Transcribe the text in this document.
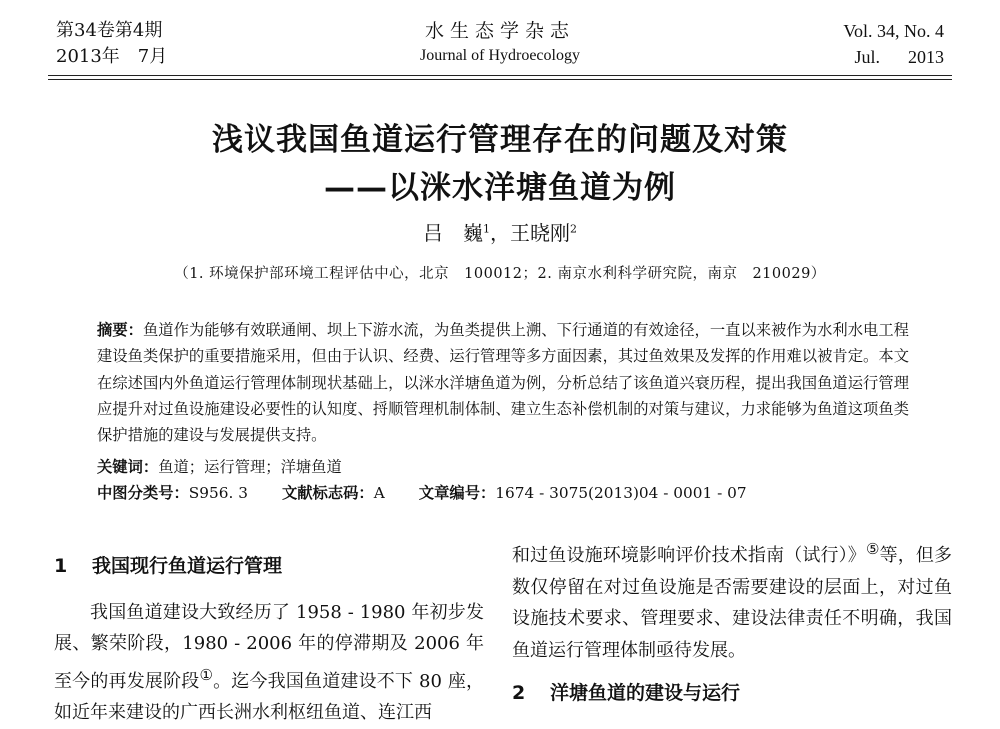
第34卷第4期
2013年　7月
水生态学杂志
Journal of Hydroecology
Vol. 34, No. 4
Jul. 2013
浅议我国鱼道运行管理存在的问题及对策
——以洣水洋塘鱼道为例
吕　巍$^1$，王晓刚$^2$
（1. 环境保护部环境工程评估中心，北京　100012；2. 南京水利科学研究院，南京　210029）
摘要：鱼道作为能够有效联通闸、坝上下游水流，为鱼类提供上溯、下行通道的有效途径，一直以来被作为水利水电工程建设鱼类保护的重要措施采用，但由于认识、经费、运行管理等多方面因素，其过鱼效果及发挥的作用难以被肯定。本文在综述国内外鱼道运行管理体制现状基础上，以洣水洋塘鱼道为例，分析总结了该鱼道兴衰历程，提出我国鱼道运行管理应提升对过鱼设施建设必要性的认知度、捋顺管理机制体制、建立生态补偿机制的对策与建议，力求能够为鱼道这项鱼类保护措施的建设与发展提供支持。
关键词：鱼道；运行管理；洋塘鱼道
中图分类号：S956. 3 文献标志码：A 文章编号：1674 - 3075(2013)04 - 0001 - 07
1 我国现行鱼道运行管理
我国鱼道建设大致经历了 1958 - 1980 年初步发展、繁荣阶段，1980 - 2006 年的停滞期及 2006 年至今的再发展阶段①。迄今我国鱼道建设不下 80 座，如近年来建设的广西长洲水利枢纽鱼道、连江西
和过鱼设施环境影响评价技术指南（试行）》⑤等，但多数仅停留在对过鱼设施是否需要建设的层面上，对过鱼设施技术要求、管理要求、建设法律责任不明确，我国鱼道运行管理体制亟待发展。
2 洋塘鱼道的建设与运行
